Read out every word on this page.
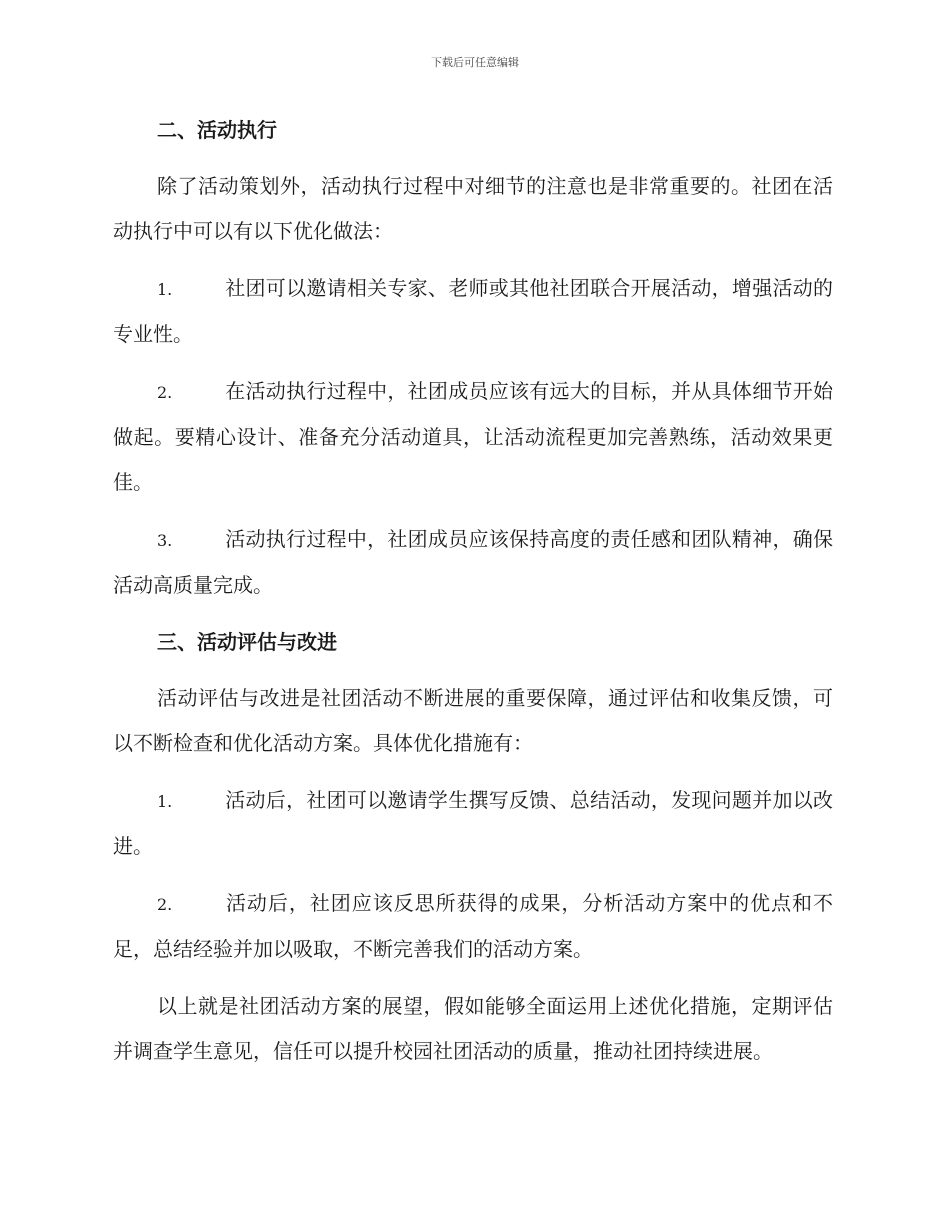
下载后可任意编辑
二、活动执行

除了活动策划外，活动执行过程中对细节的注意也是非常重要的。社团在活动执行中可以有以下优化做法：

1.	社团可以邀请相关专家、老师或其他社团联合开展活动，增强活动的专业性。

2.	在活动执行过程中，社团成员应该有远大的目标，并从具体细节开始做起。要精心设计、准备充分活动道具，让活动流程更加完善熟练，活动效果更佳。

3.	活动执行过程中，社团成员应该保持高度的责任感和团队精神，确保活动高质量完成。

三、活动评估与改进

活动评估与改进是社团活动不断进展的重要保障，通过评估和收集反馈，可以不断检查和优化活动方案。具体优化措施有：

1.	活动后，社团可以邀请学生撰写反馈、总结活动，发现问题并加以改进。

2.	活动后，社团应该反思所获得的成果，分析活动方案中的优点和不足，总结经验并加以吸取，不断完善我们的活动方案。

以上就是社团活动方案的展望，假如能够全面运用上述优化措施，定期评估并调查学生意见，信任可以提升校园社团活动的质量，推动社团持续进展。
